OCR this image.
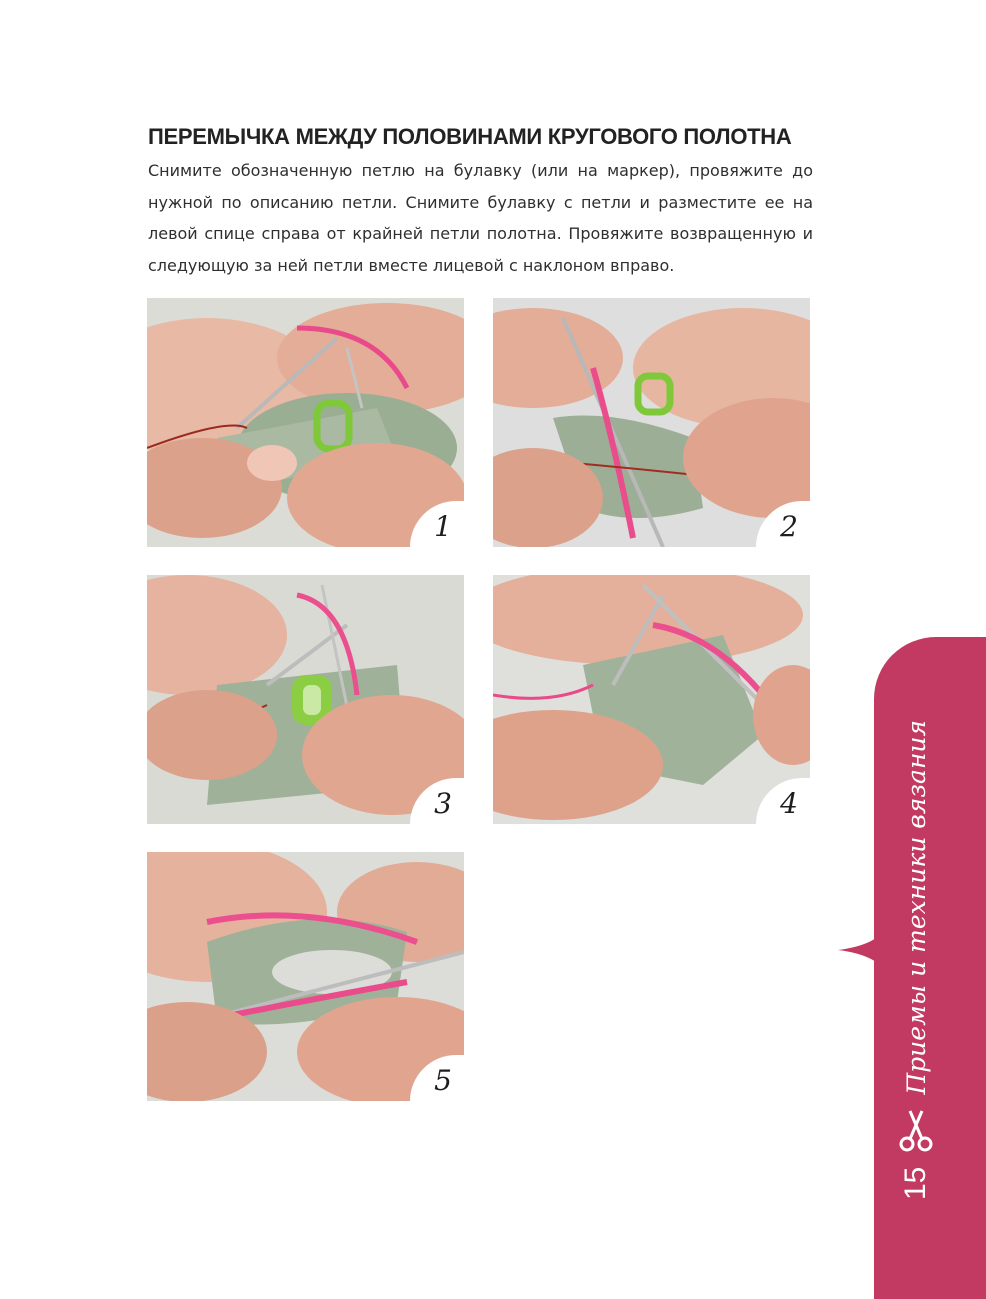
ПЕРЕМЫЧКА МЕЖДУ ПОЛОВИНАМИ КРУГОВОГО ПОЛОТНА

Снимите обозначенную петлю на булавку (или на маркер), провяжите до нужной по описанию петли. Снимите булавку с петли и разместите ее на левой спице справа от крайней петли полотна. Провяжите возвращенную и следующую за ней петли вместе лицевой с наклоном вправо.

1	2
3	4
5
15
Приемы и техники вязания
